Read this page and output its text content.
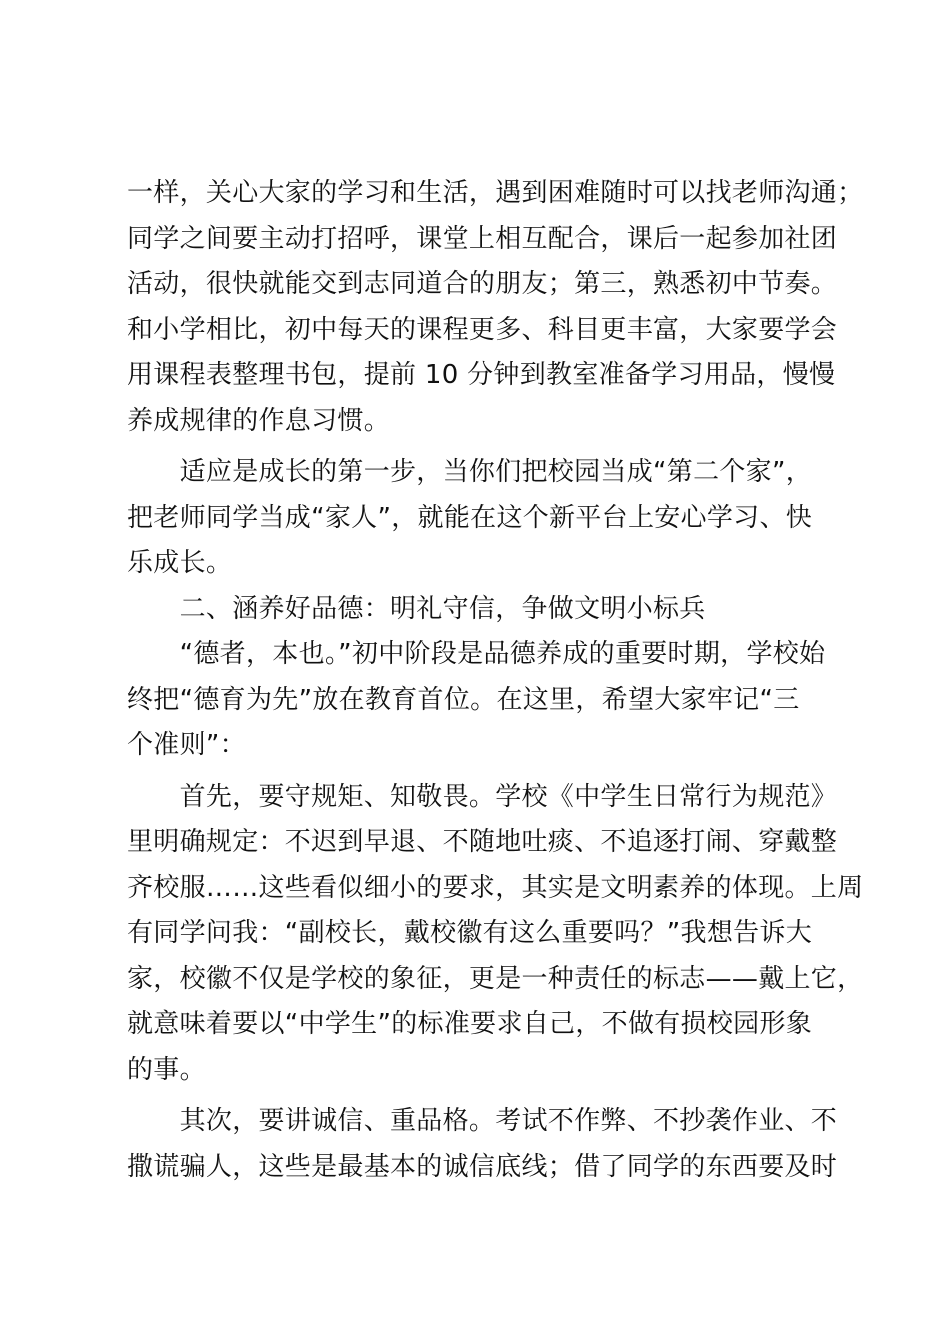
一样，关心大家的学习和生活，遇到困难随时可以找老师沟通；
同学之间要主动打招呼，课堂上相互配合，课后一起参加社团
活动，很快就能交到志同道合的朋友；第三，熟悉初中节奏。
和小学相比，初中每天的课程更多、科目更丰富，大家要学会
用课程表整理书包，提前 10 分钟到教室准备学习用品，慢慢
养成规律的作息习惯。
　　适应是成长的第一步，当你们把校园当成“第二个家”，
把老师同学当成“家人”，就能在这个新平台上安心学习、快
乐成长。
　　二、涵养好品德：明礼守信，争做文明小标兵
　　“德者，本也。”初中阶段是品德养成的重要时期，学校始
终把“德育为先”放在教育首位。在这里，希望大家牢记“三
个准则”：
　　首先，要守规矩、知敬畏。学校《中学生日常行为规范》
里明确规定：不迟到早退、不随地吐痰、不追逐打闹、穿戴整
齐校服……这些看似细小的要求，其实是文明素养的体现。上周
有同学问我：“副校长，戴校徽有这么重要吗？”我想告诉大
家，校徽不仅是学校的象征，更是一种责任的标志——戴上它，
就意味着要以“中学生”的标准要求自己，不做有损校园形象
的事。
　　其次，要讲诚信、重品格。考试不作弊、不抄袭作业、不
撒谎骗人，这些是最基本的诚信底线；借了同学的东西要及时
